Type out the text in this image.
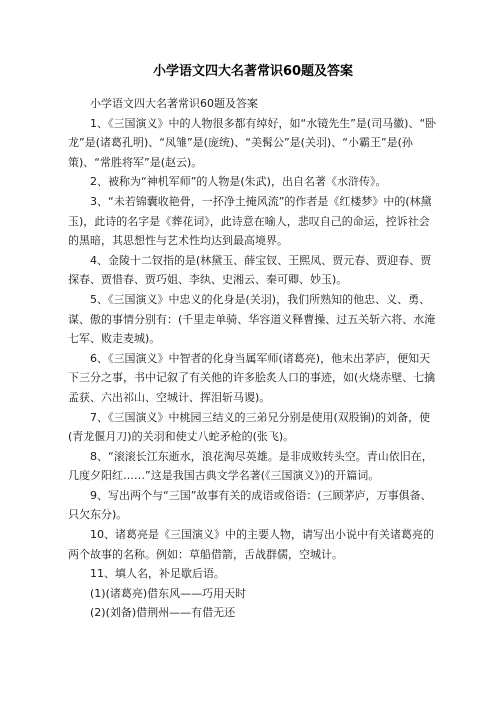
小学语文四大名著常识60题及答案

小学语文四大名著常识60题及答案

1、《三国演义》中的人物很多都有绰好，如“水镜先生”是(司马徽)、“卧龙”是(诸葛孔明)、“凤雏”是(庞统)、“美髯公”是(关羽)、“小霸王”是(孙策)、“常胜将军”是(赵云)。

2、被称为“神机军师”的人物是(朱武)，出自名著《水浒传》。

3、“未若锦囊收艳骨，一抔净土掩风流”的作者是《红楼梦》中的(林黛玉)，此诗的名字是《葬花词》，此诗意在喻人，悲叹自己的命运，控诉社会的黑暗，其思想性与艺术性均达到最高境界。

4、金陵十二钗指的是(林黛玉、薛宝钗、王熙凤、贾元春、贾迎春、贾探春、贾惜春、贾巧姐、李纨、史湘云、秦可卿、妙玉)。

5、《三国演义》中忠义的化身是(关羽)，我们所熟知的他忠、义、勇、谋、傲的事情分别有：(千里走单骑、华容道义释曹操、过五关斩六将、水淹七军、败走麦城)。

6、《三国演义》中智者的化身当属军师(诸葛亮)，他未出茅庐，便知天下三分之事，书中记叙了有关他的许多脍炙人口的事迹，如(火烧赤壁、七擒孟获、六出祁山、空城计、挥泪斩马谡)。

7、《三国演义》中桃园三结义的三弟兄分别是使用(双股锏)的刘备，使(青龙偃月刀)的关羽和使丈八蛇矛枪的(张飞)。

8、“滚滚长江东逝水，浪花淘尽英雄。是非成败转头空。青山依旧在，几度夕阳红……”这是我国古典文学名著(《三国演义》)的开篇词。

9、写出两个与“三国”故事有关的成语或俗语：(三顾茅庐，万事俱备、只欠东分)。

10、诸葛亮是《三国演义》中的主要人物，请写出小说中有关诸葛亮的两个故事的名称。例如：草船借箭，舌战群儒，空城计。

11、填人名，补足歇后语。

(1)(诸葛亮)借东风——巧用天时

(2)(刘备)借荆州——有借无还
